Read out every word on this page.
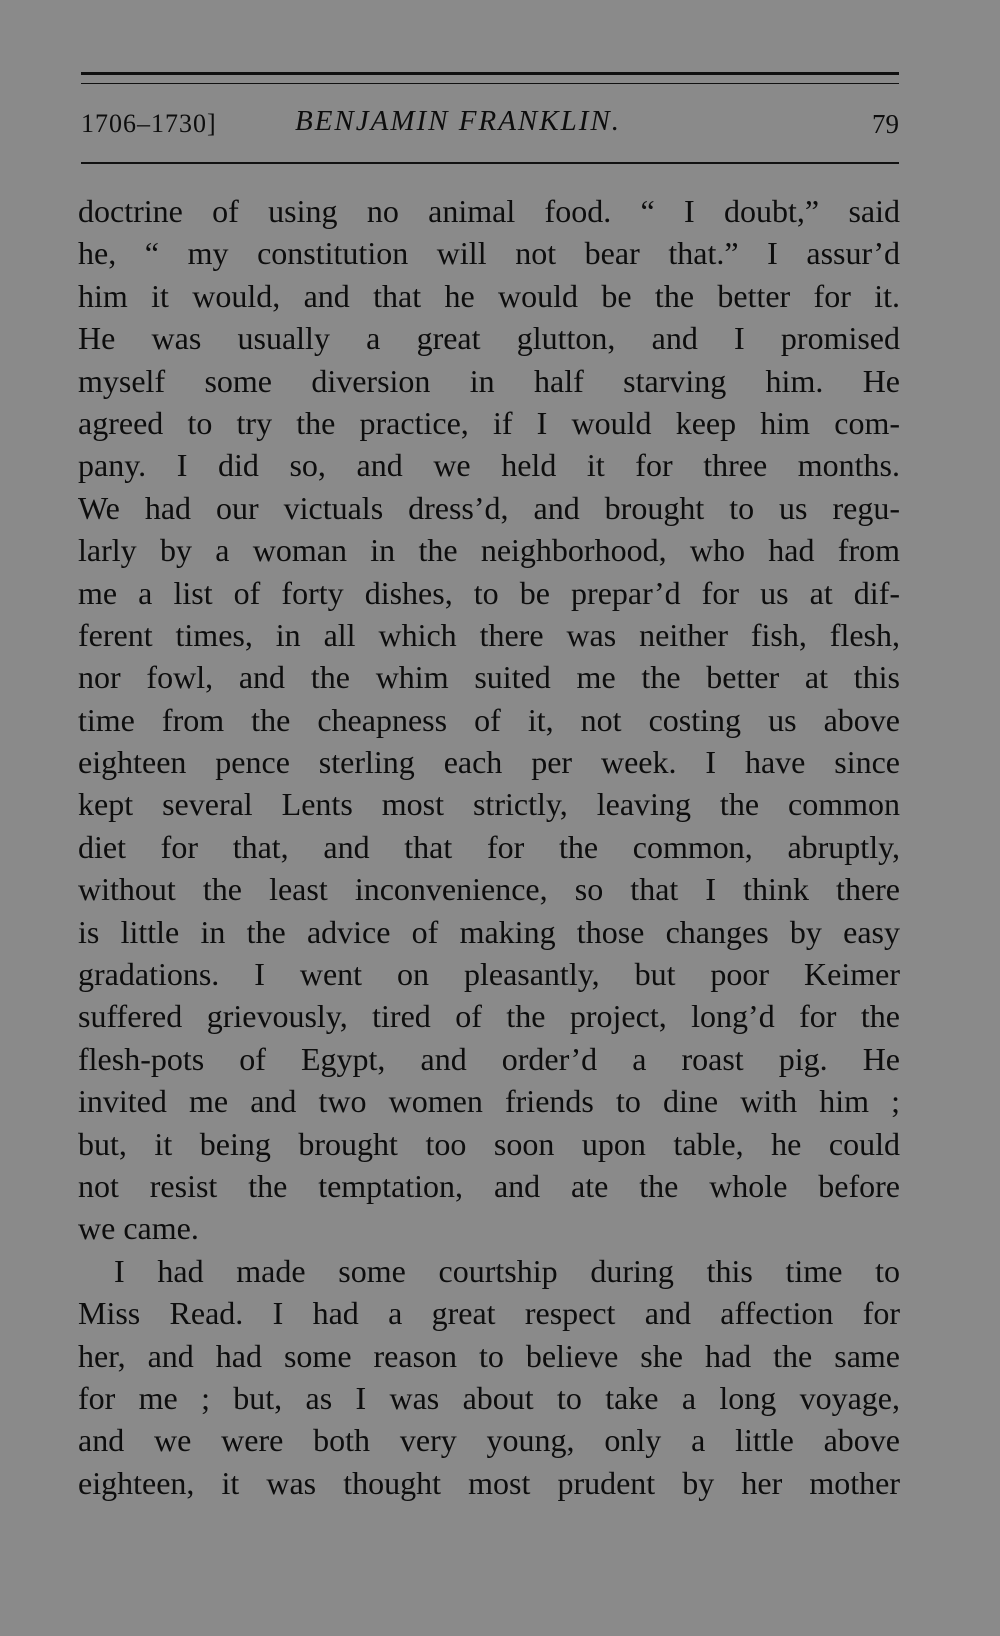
1706–1730]	BENJAMIN FRANKLIN.	79
doctrine of using no animal food. “ I doubt,” said
he, “ my constitution will not bear that.” I assur’d
him it would, and that he would be the better for it.
He was usually a great glutton, and I promised
myself some diversion in half starving him. He
agreed to try the practice, if I would keep him com-
pany. I did so, and we held it for three months.
We had our victuals dress’d, and brought to us regu-
larly by a woman in the neighborhood, who had from
me a list of forty dishes, to be prepar’d for us at dif-
ferent times, in all which there was neither fish, flesh,
nor fowl, and the whim suited me the better at this
time from the cheapness of it, not costing us above
eighteen pence sterling each per week. I have since
kept several Lents most strictly, leaving the common
diet for that, and that for the common, abruptly,
without the least inconvenience, so that I think there
is little in the advice of making those changes by easy
gradations. I went on pleasantly, but poor Keimer
suffered grievously, tired of the project, long’d for the
flesh-pots of Egypt, and order’d a roast pig. He
invited me and two women friends to dine with him ;
but, it being brought too soon upon table, he could
not resist the temptation, and ate the whole before
we came.
I had made some courtship during this time to
Miss Read. I had a great respect and affection for
her, and had some reason to believe she had the same
for me ; but, as I was about to take a long voyage,
and we were both very young, only a little above
eighteen, it was thought most prudent by her mother
